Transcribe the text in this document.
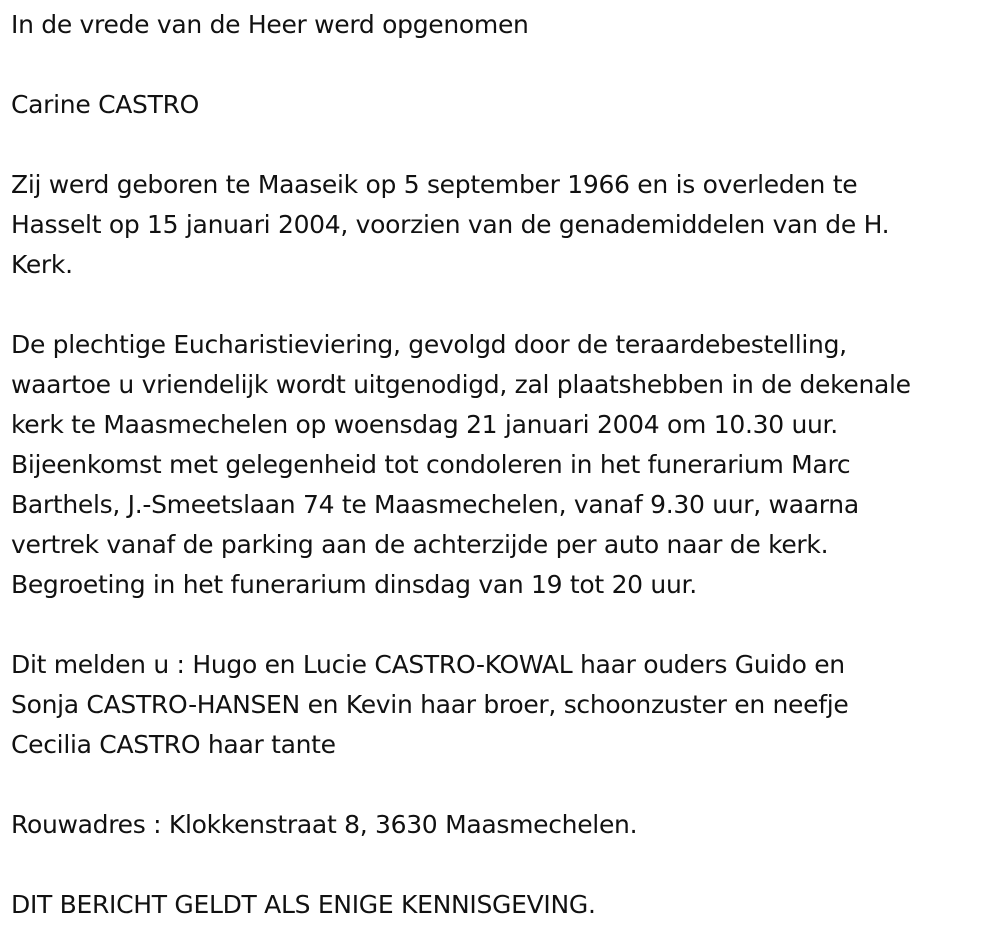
In de vrede van de Heer werd opgenomen

Carine CASTRO

Zij werd geboren te Maaseik op 5 september 1966 en is overleden te
Hasselt op 15 januari 2004, voorzien van de genademiddelen van de H.
Kerk.

De plechtige Eucharistieviering, gevolgd door de teraardebestelling,
waartoe u vriendelijk wordt uitgenodigd, zal plaatshebben in de dekenale
kerk te Maasmechelen op woensdag 21 januari 2004 om 10.30 uur.
Bijeenkomst met gelegenheid tot condoleren in het funerarium Marc
Barthels, J.-Smeetslaan 74 te Maasmechelen, vanaf 9.30 uur, waarna
vertrek vanaf de parking aan de achterzijde per auto naar de kerk.
Begroeting in het funerarium dinsdag van 19 tot 20 uur.

Dit melden u : Hugo en Lucie CASTRO-KOWAL haar ouders Guido en
Sonja CASTRO-HANSEN en Kevin haar broer, schoonzuster en neefje
Cecilia CASTRO haar tante

Rouwadres : Klokkenstraat 8, 3630 Maasmechelen.

DIT BERICHT GELDT ALS ENIGE KENNISGEVING.
